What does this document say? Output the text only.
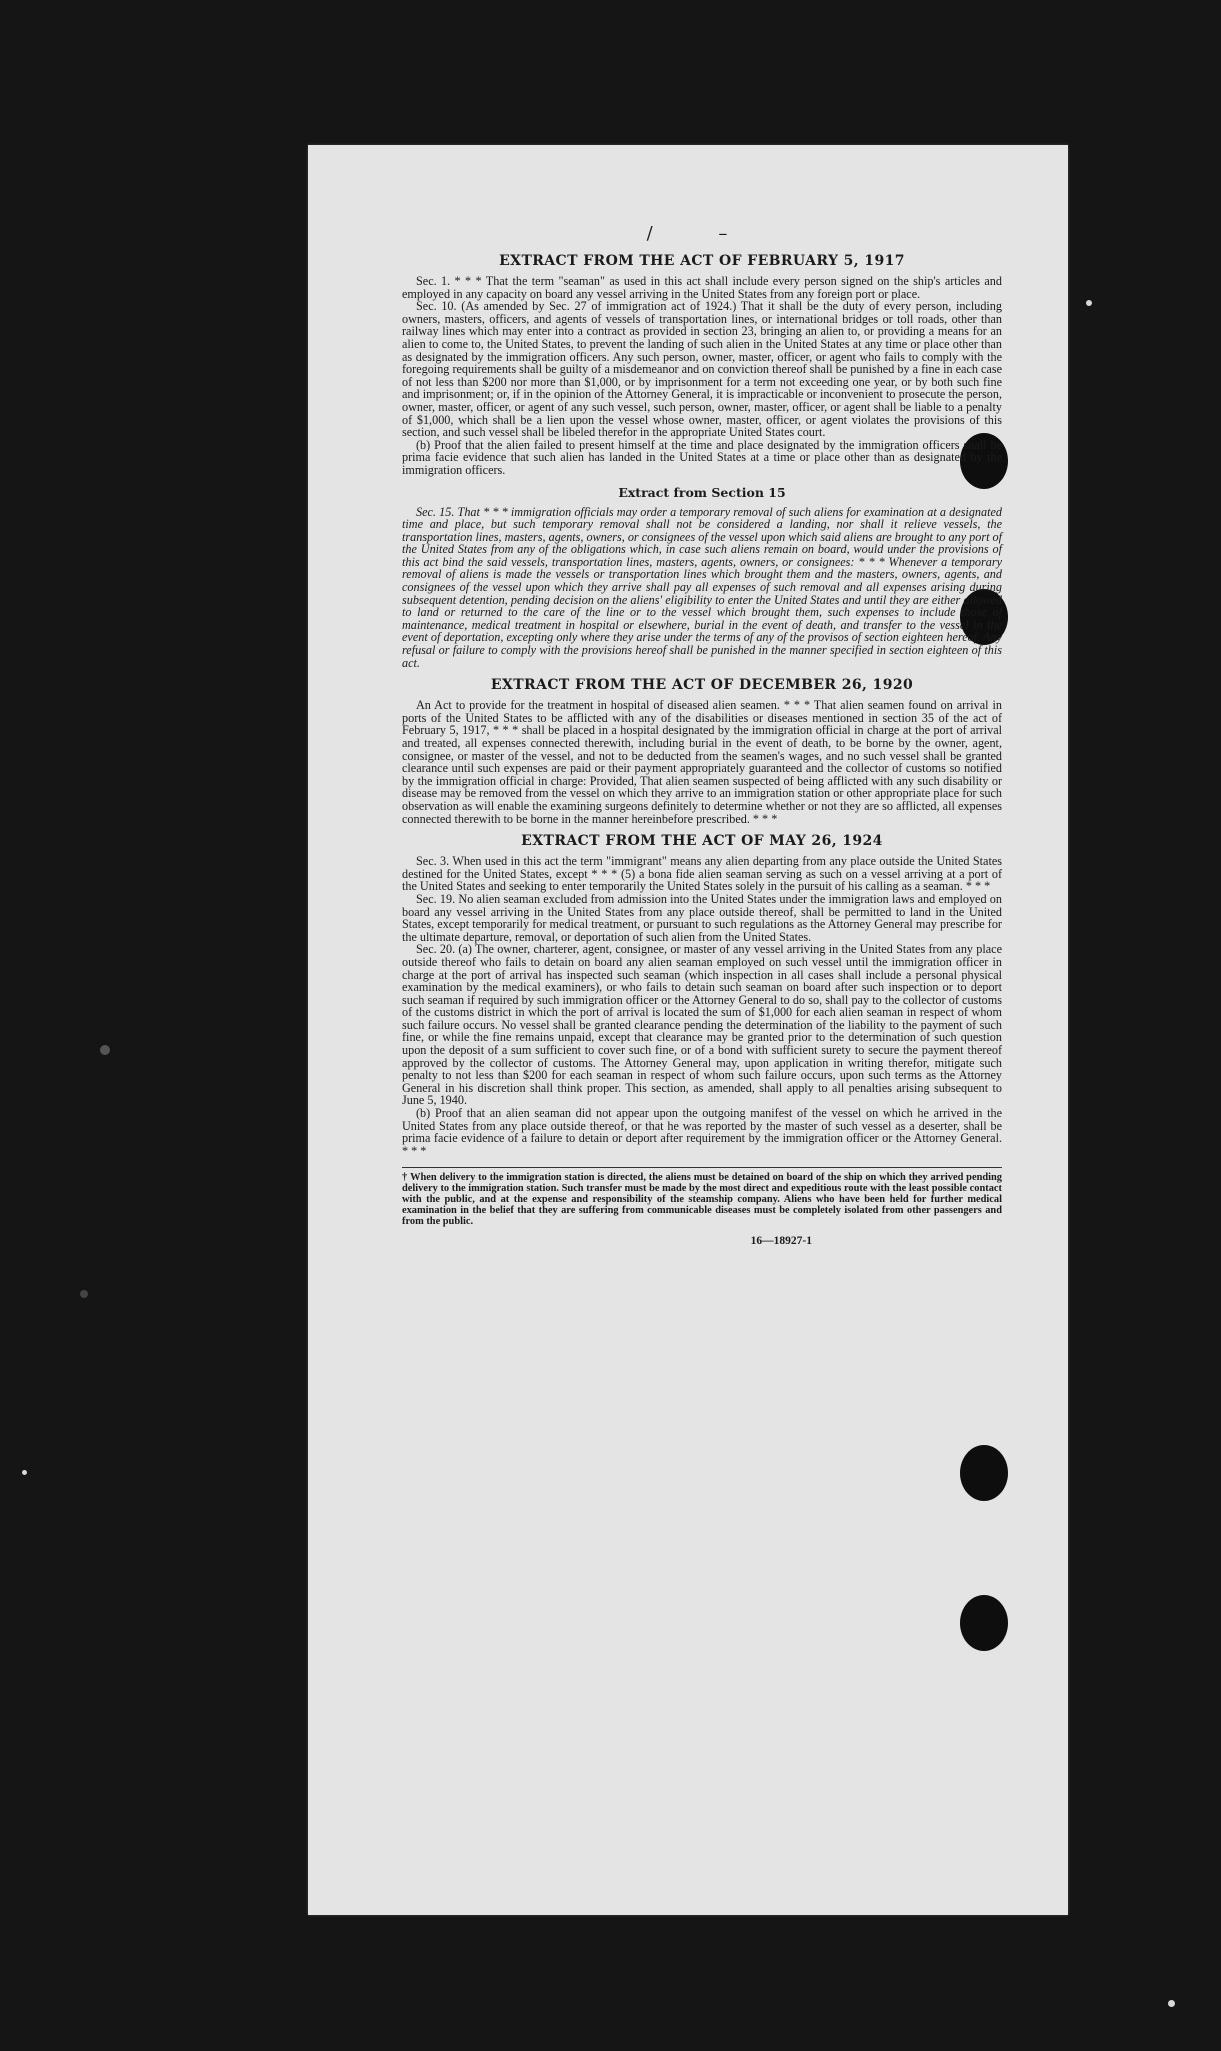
/ –
EXTRACT FROM THE ACT OF FEBRUARY 5, 1917

Sec. 1. * * * That the term "seaman" as used in this act shall include every person signed on the ship's articles and employed in any capacity on board any vessel arriving in the United States from any foreign port or place.

Sec. 10. (As amended by Sec. 27 of immigration act of 1924.) That it shall be the duty of every person, including owners, masters, officers, and agents of vessels of transportation lines, or international bridges or toll roads, other than railway lines which may enter into a contract as provided in section 23, bringing an alien to, or providing a means for an alien to come to, the United States, to prevent the landing of such alien in the United States at any time or place other than as designated by the immigration officers. Any such person, owner, master, officer, or agent who fails to comply with the foregoing requirements shall be guilty of a misdemeanor and on conviction thereof shall be punished by a fine in each case of not less than $200 nor more than $1,000, or by imprisonment for a term not exceeding one year, or by both such fine and imprisonment; or, if in the opinion of the Attorney General, it is impracticable or inconvenient to prosecute the person, owner, master, officer, or agent of any such vessel, such person, owner, master, officer, or agent shall be liable to a penalty of $1,000, which shall be a lien upon the vessel whose owner, master, officer, or agent violates the provisions of this section, and such vessel shall be libeled therefor in the appropriate United States court.

(b) Proof that the alien failed to present himself at the time and place designated by the immigration officers shall be prima facie evidence that such alien has landed in the United States at a time or place other than as designated by the immigration officers.

Extract from Section 15

Sec. 15. That * * * immigration officials may order a temporary removal of such aliens for examination at a designated time and place, but such temporary removal shall not be considered a landing, nor shall it relieve vessels, the transportation lines, masters, agents, owners, or consignees of the vessel upon which said aliens are brought to any port of the United States from any of the obligations which, in case such aliens remain on board, would under the provisions of this act bind the said vessels, transportation lines, masters, agents, owners, or consignees: * * * Whenever a temporary removal of aliens is made the vessels or transportation lines which brought them and the masters, owners, agents, and consignees of the vessel upon which they arrive shall pay all expenses of such removal and all expenses arising during subsequent detention, pending decision on the aliens' eligibility to enter the United States and until they are either allowed to land or returned to the care of the line or to the vessel which brought them, such expenses to include those of maintenance, medical treatment in hospital or elsewhere, burial in the event of death, and transfer to the vessel in the event of deportation, excepting only where they arise under the terms of any of the provisos of section eighteen hereof. Any refusal or failure to comply with the provisions hereof shall be punished in the manner specified in section eighteen of this act.

EXTRACT FROM THE ACT OF DECEMBER 26, 1920

An Act to provide for the treatment in hospital of diseased alien seamen. * * * That alien seamen found on arrival in ports of the United States to be afflicted with any of the disabilities or diseases mentioned in section 35 of the act of February 5, 1917, * * * shall be placed in a hospital designated by the immigration official in charge at the port of arrival and treated, all expenses connected therewith, including burial in the event of death, to be borne by the owner, agent, consignee, or master of the vessel, and not to be deducted from the seamen's wages, and no such vessel shall be granted clearance until such expenses are paid or their payment appropriately guaranteed and the collector of customs so notified by the immigration official in charge: Provided, That alien seamen suspected of being afflicted with any such disability or disease may be removed from the vessel on which they arrive to an immigration station or other appropriate place for such observation as will enable the examining surgeons definitely to determine whether or not they are so afflicted, all expenses connected therewith to be borne in the manner hereinbefore prescribed. * * *

EXTRACT FROM THE ACT OF MAY 26, 1924

Sec. 3. When used in this act the term "immigrant" means any alien departing from any place outside the United States destined for the United States, except * * * (5) a bona fide alien seaman serving as such on a vessel arriving at a port of the United States and seeking to enter temporarily the United States solely in the pursuit of his calling as a seaman. * * *

Sec. 19. No alien seaman excluded from admission into the United States under the immigration laws and employed on board any vessel arriving in the United States from any place outside thereof, shall be permitted to land in the United States, except temporarily for medical treatment, or pursuant to such regulations as the Attorney General may prescribe for the ultimate departure, removal, or deportation of such alien from the United States.

Sec. 20. (a) The owner, charterer, agent, consignee, or master of any vessel arriving in the United States from any place outside thereof who fails to detain on board any alien seaman employed on such vessel until the immigration officer in charge at the port of arrival has inspected such seaman (which inspection in all cases shall include a personal physical examination by the medical examiners), or who fails to detain such seaman on board after such inspection or to deport such seaman if required by such immigration officer or the Attorney General to do so, shall pay to the collector of customs of the customs district in which the port of arrival is located the sum of $1,000 for each alien seaman in respect of whom such failure occurs. No vessel shall be granted clearance pending the determination of the liability to the payment of such fine, or while the fine remains unpaid, except that clearance may be granted prior to the determination of such question upon the deposit of a sum sufficient to cover such fine, or of a bond with sufficient surety to secure the payment thereof approved by the collector of customs. The Attorney General may, upon application in writing therefor, mitigate such penalty to not less than $200 for each seaman in respect of whom such failure occurs, upon such terms as the Attorney General in his discretion shall think proper. This section, as amended, shall apply to all penalties arising subsequent to June 5, 1940.

(b) Proof that an alien seaman did not appear upon the outgoing manifest of the vessel on which he arrived in the United States from any place outside thereof, or that he was reported by the master of such vessel as a deserter, shall be prima facie evidence of a failure to detain or deport after requirement by the immigration officer or the Attorney General. * * *

† When delivery to the immigration station is directed, the aliens must be detained on board of the ship on which they arrived pending delivery to the immigration station. Such transfer must be made by the most direct and expeditious route with the least possible contact with the public, and at the expense and responsibility of the steamship company. Aliens who have been held for further medical examination in the belief that they are suffering from communicable diseases must be completely isolated from other passengers and from the public.
16—18927-1
